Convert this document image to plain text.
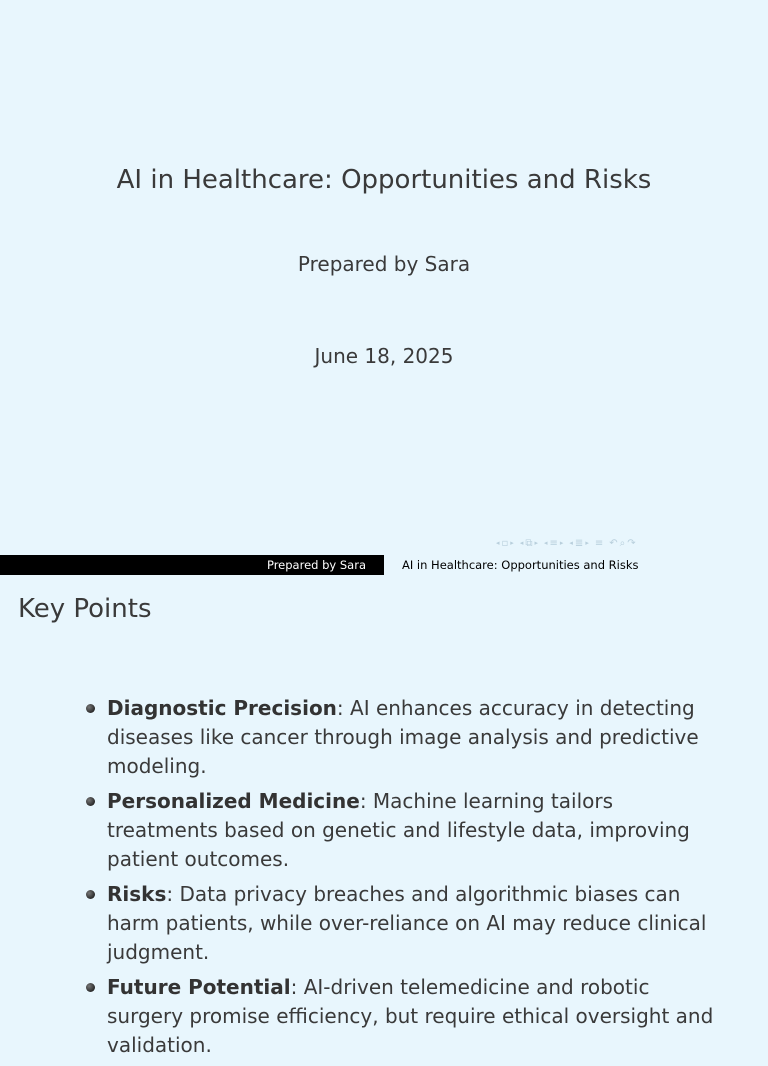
AI in Healthcare: Opportunities and Risks
Prepared by Sara
June 18, 2025
◂ ▫ ▸ ◂ ⧉ ▸ ◂ ≡ ▸ ◂ ≣ ▸ ≡ ↶ ⌕ ↷
Prepared by Sara	AI in Healthcare: Opportunities and Risks
Key Points
Diagnostic Precision: AI enhances accuracy in detecting diseases like cancer through image analysis and predictive modeling.
Personalized Medicine: Machine learning tailors treatments based on genetic and lifestyle data, improving patient outcomes.
Risks: Data privacy breaches and algorithmic biases can harm patients, while over-reliance on AI may reduce clinical judgment.
Future Potential: AI-driven telemedicine and robotic surgery promise efficiency, but require ethical oversight and validation.
